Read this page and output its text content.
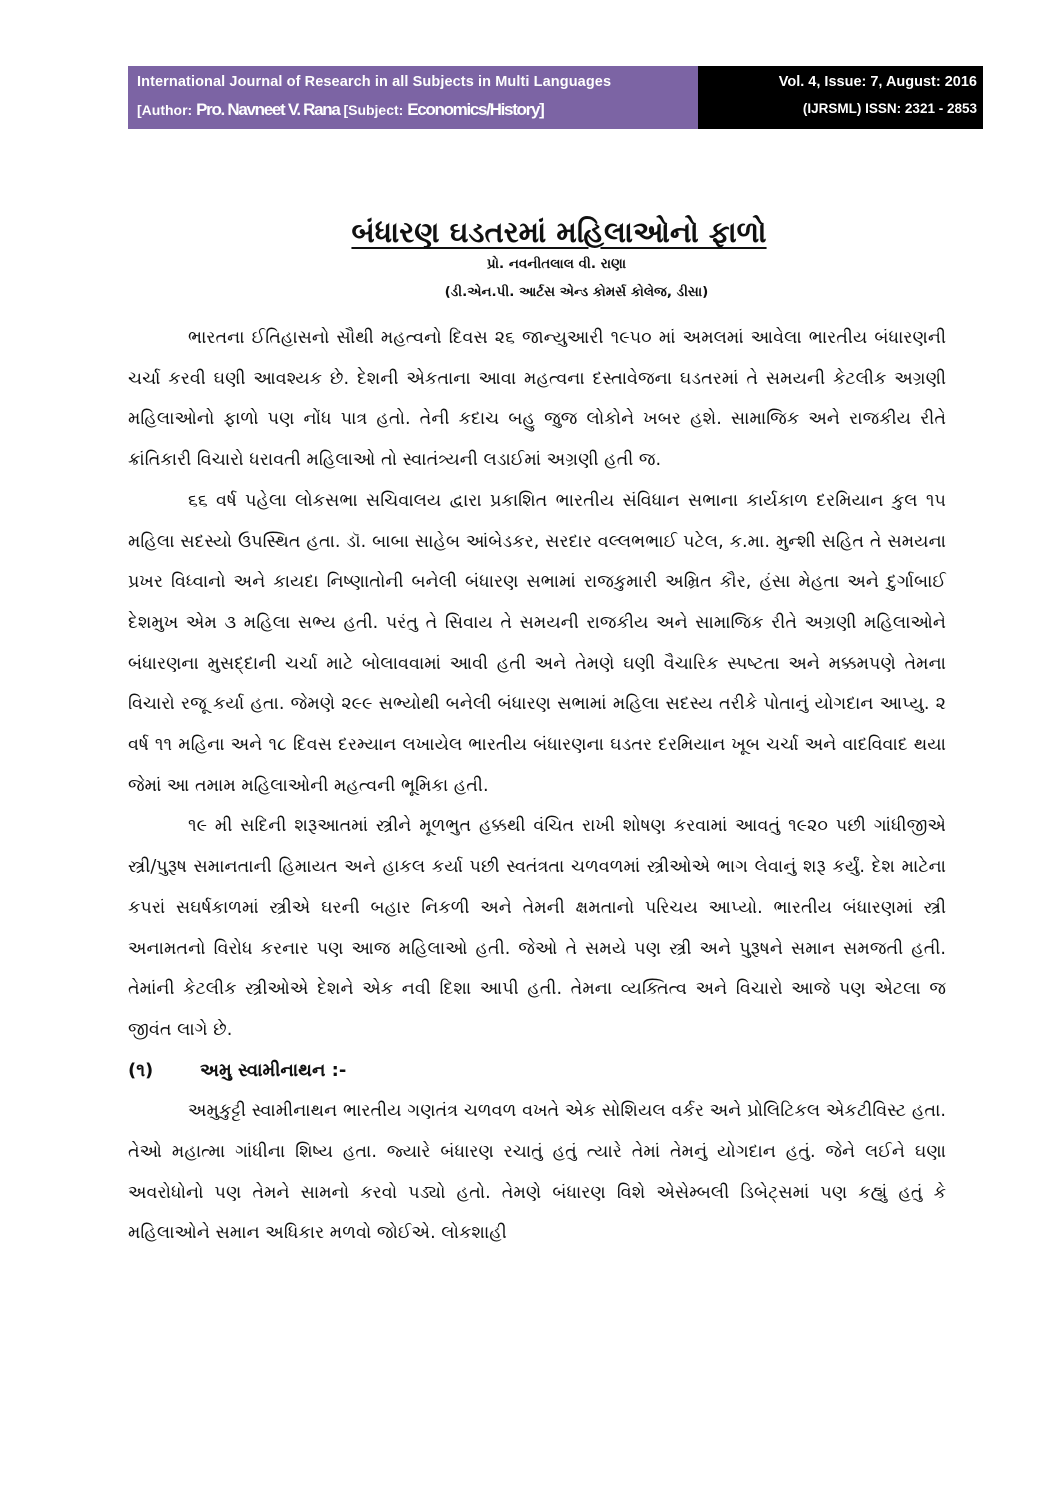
International Journal of Research in all Subjects in Multi Languages
[Author: Pro. Navneet V. Rana [Subject: Economics/History]
Vol. 4, Issue: 7, August: 2016
(IJRSML) ISSN: 2321 - 2853
બંધારણ ઘડતરમાં મહિલાઓનો ફાળો
પ્રો. નવનીતલાલ વી. રાણા
(ડી.એન.પી. આર્ટસ એન્ડ કોમર્સ કોલેજ, ડીસા)

ભારતના ઈતિહાસનો સૌથી મહત્વનો દિવસ ૨૬ જાન્યુઆરી ૧૯૫૦ માં અમલમાં આવેલા ભારતીય બંધારણની ચર્ચા કરવી ઘણી આવશ્યક છે. દેશની એકતાના આવા મહત્વના દસ્તાવેજના ઘડતરમાં તે સમયની કેટલીક અગ્રણી મહિલાઓનો ફાળો પણ નોંધ પાત્ર હતો. તેની કદાચ બહુ જુજ લોકોને ખબર હશે. સામાજિક અને રાજકીય રીતે ક્રાંતિકારી વિચારો ધરાવતી મહિલાઓ તો સ્વાતંત્ર્યની લડાઈમાં અગ્રણી હતી જ.

૬૬ વર્ષ પહેલા લોકસભા સચિવાલય દ્વારા પ્રકાશિત ભારતીય સંવિધાન સભાના કાર્યકાળ દરમિયાન કુલ ૧૫ મહિલા સદસ્યો ઉપસ્થિત હતા. ડૉ. બાબા સાહેબ આંબેડકર, સરદાર વલ્લભભાઈ પટેલ, ક.મા. મુન્શી સહિત તે સમયના પ્રખર વિધ્વાનો અને કાયદા નિષ્ણાતોની બનેલી બંધારણ સભામાં રાજકુમારી અમ્રિત કૌર, હંસા મેહતા અને દુર્ગાબાઈ દેશમુખ એમ ૩ મહિલા સભ્ય હતી. પરંતુ તે સિવાય તે સમયની રાજકીય અને સામાજિક રીતે અગ્રણી મહિલાઓને બંધારણના મુસદ્દાની ચર્ચા માટે બોલાવવામાં આવી હતી અને તેમણે ઘણી વૈચારિક સ્પષ્ટતા અને મક્કમપણે તેમના વિચારો રજૂ કર્યા હતા. જેમણે ૨૯૯ સભ્યોથી બનેલી બંધારણ સભામાં મહિલા સદસ્ય તરીકે પોતાનું યોગદાન આપ્યુ. ૨ વર્ષ ૧૧ મહિના અને ૧૮ દિવસ દરમ્યાન લખાયેલ ભારતીય બંધારણના ઘડતર દરમિયાન ખૂબ ચર્ચા અને વાદવિવાદ થયા જેમાં આ તમામ મહિલાઓની મહત્વની ભૂમિકા હતી.

૧૯ મી સદિની શરૂઆતમાં સ્ત્રીને મૂળભુત હક્કથી વંચિત રાખી શોષણ કરવામાં આવતું ૧૯૨૦ પછી ગાંધીજીએ સ્ત્રી/પુરૂષ સમાનતાની હિમાયત અને હાકલ કર્યા પછી સ્વતંત્રતા ચળવળમાં સ્ત્રીઓએ ભાગ લેવાનું શરૂ કર્યું. દેશ માટેના કપરાં સઘર્ષકાળમાં સ્ત્રીએ ઘરની બહાર નિકળી અને તેમની ક્ષમતાનો પરિચય આપ્યો. ભારતીય બંધારણમાં સ્ત્રી અનામતનો વિરોધ કરનાર પણ આજ મહિલાઓ હતી. જેઓ તે સમયે પણ સ્ત્રી અને પુરૂષને સમાન સમજતી હતી. તેમાંની કેટલીક સ્ત્રીઓએ દેશને એક નવી દિશા આપી હતી. તેમના વ્યક્તિત્વ અને વિચારો આજે પણ એટલા જ જીવંત લાગે છે.

(૧)	અમુ સ્વામીનાથન :-

અમુકુટ્ટી સ્વામીનાથન ભારતીય ગણતંત્ર ચળવળ વખતે એક સોશિયલ વર્કર અને પ્રોલિટિકલ એકટીવિસ્ટ હતા. તેઓ મહાત્મા ગાંધીના શિષ્ય હતા. જ્યારે બંધારણ રચાતું હતું ત્યારે તેમાં તેમનું યોગદાન હતું. જેને લઈને ઘણા અવરોધોનો પણ તેમને સામનો કરવો પડ્યો હતો. તેમણે બંધારણ વિશે એસેમ્બલી ડિબેટ્સમાં પણ કહ્યું હતું કે મહિલાઓને સમાન અધિકાર મળવો જોઈએ. લોકશાહી
